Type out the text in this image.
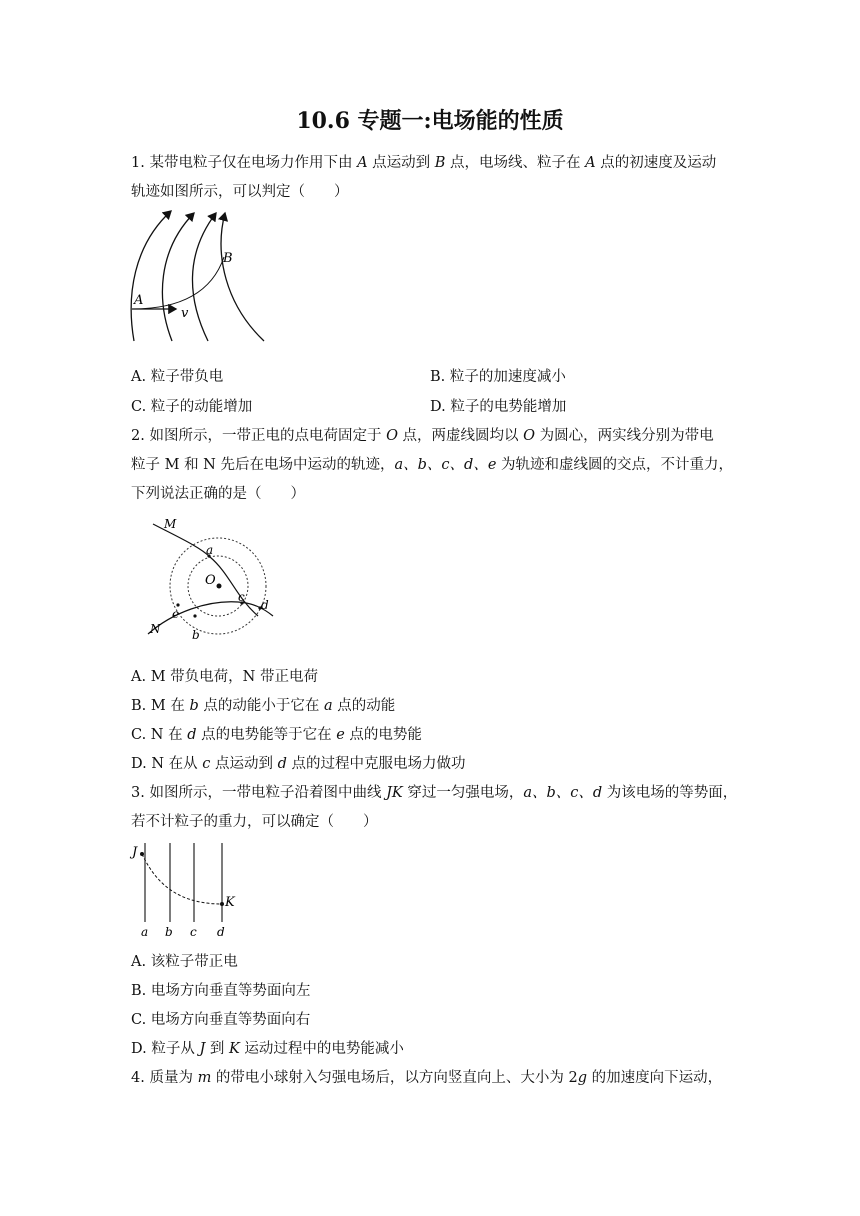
10.6 专题一:电场能的性质
1. 某带电粒子仅在电场力作用下由 A 点运动到 B 点，电场线、粒子在 A 点的初速度及运动
轨迹如图所示，可以判定（　　）
A
B
v
A. 粒子带负电	B. 粒子的加速度减小
C. 粒子的动能增加	D. 粒子的电势能增加
2. 如图所示，一带正电的点电荷固定于 O 点，两虚线圆均以 O 为圆心，两实线分别为带电
粒子 M 和 N 先后在电场中运动的轨迹，a、b、c、d、e 为轨迹和虚线圆的交点，不计重力，
下列说法正确的是（　　）
M
N
O
a
b
c
d
e
A. M 带负电荷，N 带正电荷
B. M 在 b 点的动能小于它在 a 点的动能
C. N 在 d 点的电势能等于它在 e 点的电势能
D. N 在从 c 点运动到 d 点的过程中克服电场力做功
3. 如图所示，一带电粒子沿着图中曲线 JK 穿过一匀强电场，a、b、c、d 为该电场的等势面，
若不计粒子的重力，可以确定（　　）
J
K
a b c d
A. 该粒子带正电
B. 电场方向垂直等势面向左
C. 电场方向垂直等势面向右
D. 粒子从 J 到 K 运动过程中的电势能减小
4. 质量为 m 的带电小球射入匀强电场后，以方向竖直向上、大小为 2g 的加速度向下运动，
